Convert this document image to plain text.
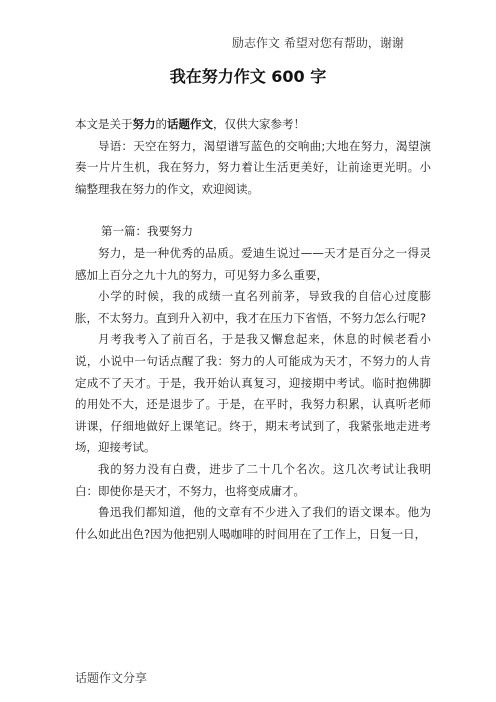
励志作文 希望对您有帮助，谢谢
我在努力作文 600 字

本文是关于努力的话题作文，仅供大家参考！

导语：天空在努力，渴望谱写蓝色的交响曲;大地在努力，渴望演奏一片片生机，我在努力，努力着让生活更美好，让前途更光明。小编整理我在努力的作文，欢迎阅读。

第一篇：我要努力

努力，是一种优秀的品质。爱迪生说过——天才是百分之一得灵感加上百分之九十九的努力，可见努力多么重要，

小学的时候，我的成绩一直名列前茅，导致我的自信心过度膨胀，不太努力。直到升入初中，我才在压力下省悟，不努力怎么行呢?

月考我考入了前百名，于是我又懈怠起来，休息的时候老看小说，小说中一句话点醒了我：努力的人可能成为天才，不努力的人肯定成不了天才。于是，我开始认真复习，迎接期中考试。临时抱佛脚的用处不大，还是退步了。于是，在平时，我努力积累，认真听老师讲课，仔细地做好上课笔记。终于，期末考试到了，我紧张地走进考场，迎接考试。

我的努力没有白费，进步了二十几个名次。这几次考试让我明白：即使你是天才，不努力，也将变成庸才。

鲁迅我们都知道，他的文章有不少进入了我们的语文课本。他为什么如此出色?因为他把别人喝咖啡的时间用在了工作上，日复一日，

话题作文分享
